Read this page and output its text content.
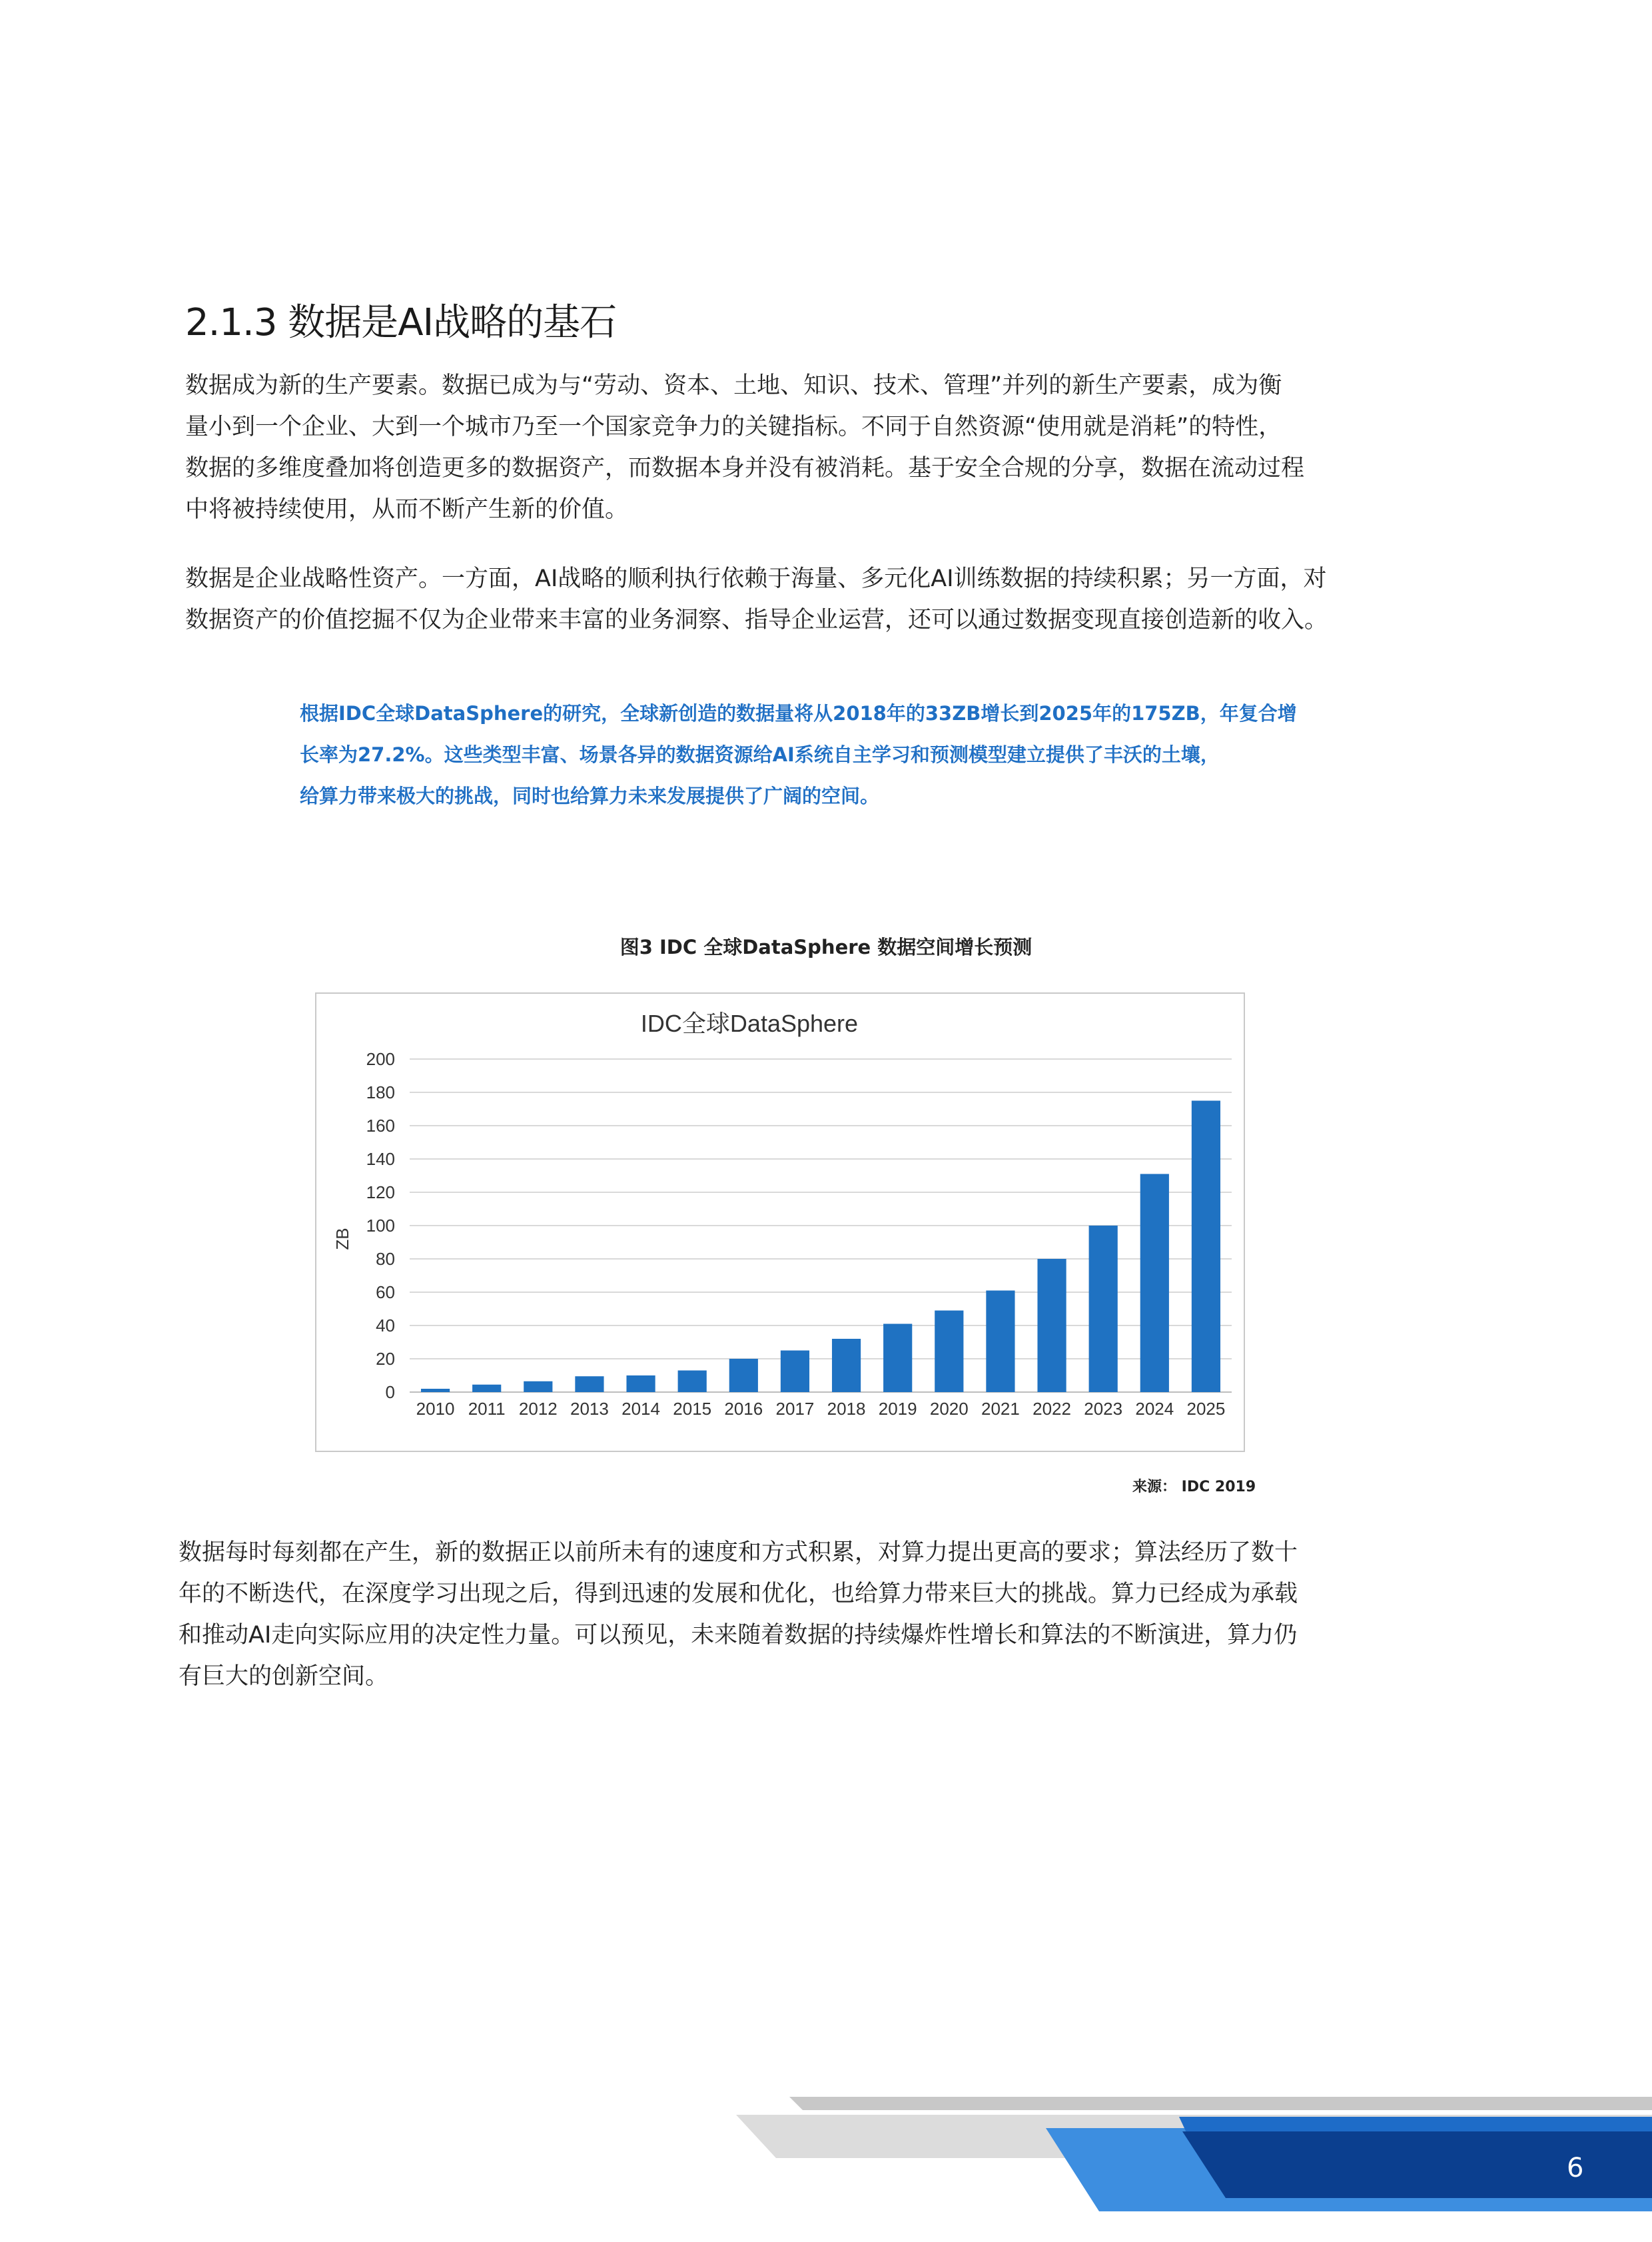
2.1.3 数据是AI战略的基石

数据成为新的生产要素。数据已成为与“劳动、资本、土地、知识、技术、管理”并列的新生产要素，成为衡
量小到一个企业、大到一个城市乃至一个国家竞争力的关键指标。不同于自然资源“使用就是消耗”的特性，
数据的多维度叠加将创造更多的数据资产，而数据本身并没有被消耗。基于安全合规的分享，数据在流动过程
中将被持续使用，从而不断产生新的价值。

数据是企业战略性资产。一方面，AI战略的顺利执行依赖于海量、多元化AI训练数据的持续积累；另一方面，对
数据资产的价值挖掘不仅为企业带来丰富的业务洞察、指导企业运营，还可以通过数据变现直接创造新的收入。

根据IDC全球DataSphere的研究，全球新创造的数据量将从2018年的33ZB增长到2025年的175ZB，年复合增
长率为27.2%。这些类型丰富、场景各异的数据资源给AI系统自主学习和预测模型建立提供了丰沃的土壤，
给算力带来极大的挑战，同时也给算力未来发展提供了广阔的空间。

图3 IDC 全球DataSphere 数据空间增长预测
IDC全球DataSphere
ZB
2010 2011 2012 2013 2014 2015 2016 2017 2018 2019 2020 2021 2022 2023 2024 2025
0
20
40
60
80
100
120
140
160
180
200
来源： IDC 2019

数据每时每刻都在产生，新的数据正以前所未有的速度和方式积累，对算力提出更高的要求；算法经历了数十
年的不断迭代，在深度学习出现之后，得到迅速的发展和优化，也给算力带来巨大的挑战。算力已经成为承载
和推动AI走向实际应用的决定性力量。可以预见，未来随着数据的持续爆炸性增长和算法的不断演进，算力仍
有巨大的创新空间。

6
